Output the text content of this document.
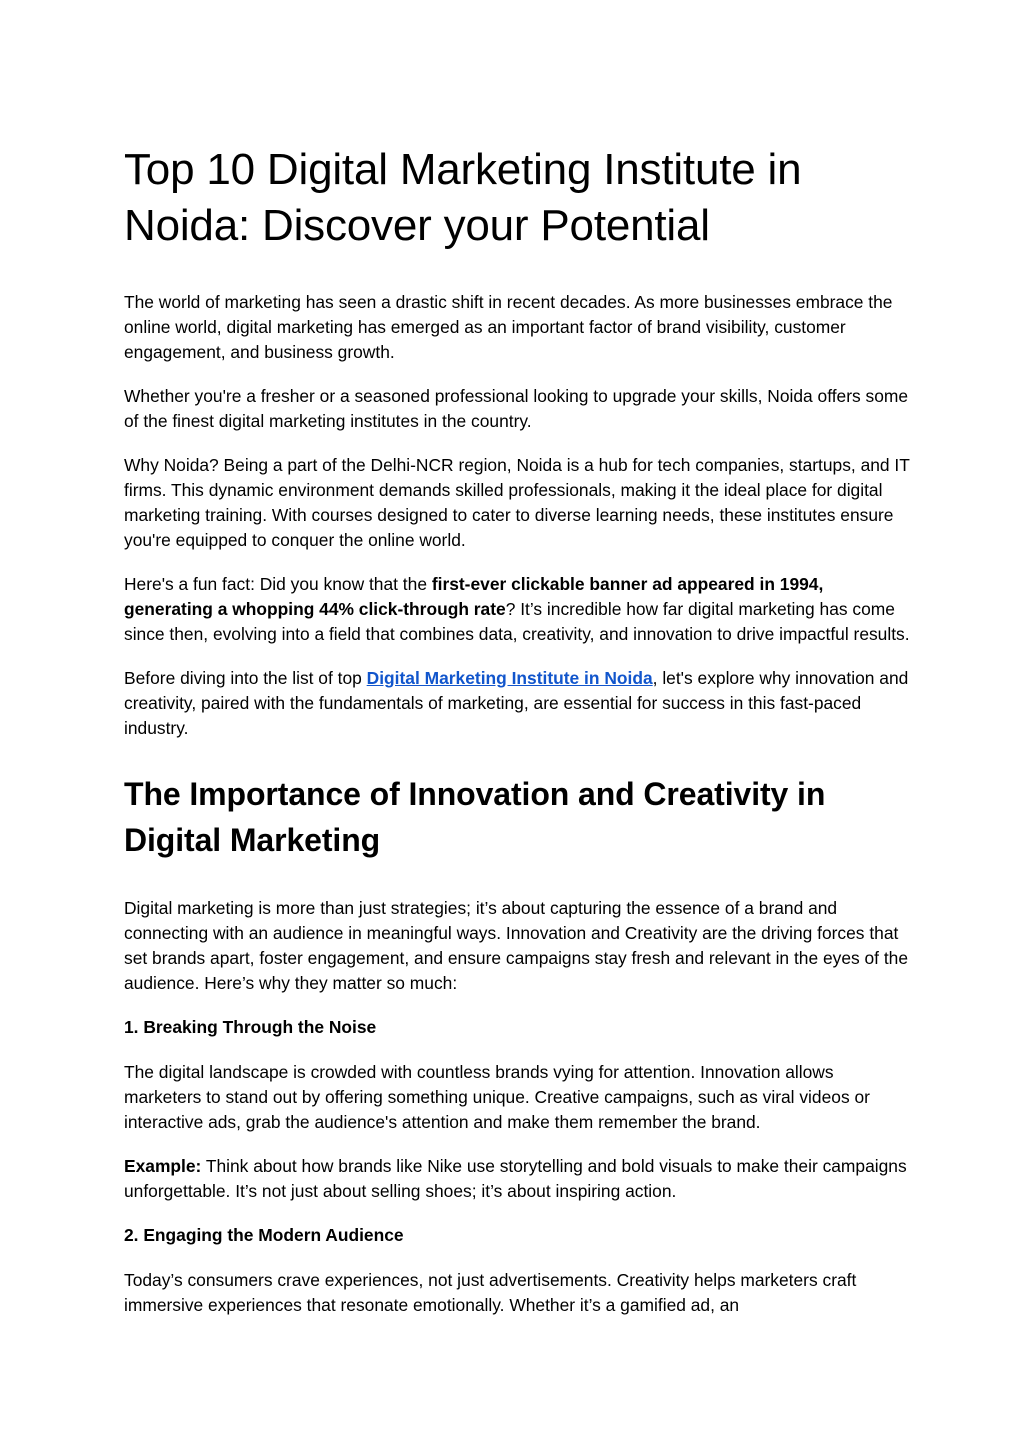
Top 10 Digital Marketing Institute in Noida: Discover your Potential

The world of marketing has seen a drastic shift in recent decades. As more businesses embrace the online world, digital marketing has emerged as an important factor of brand visibility, customer engagement, and business growth.

Whether you're a fresher or a seasoned professional looking to upgrade your skills, Noida offers some of the finest digital marketing institutes in the country.

Why Noida? Being a part of the Delhi-NCR region, Noida is a hub for tech companies, startups, and IT firms. This dynamic environment demands skilled professionals, making it the ideal place for digital marketing training. With courses designed to cater to diverse learning needs, these institutes ensure you're equipped to conquer the online world.

Here's a fun fact: Did you know that the first-ever clickable banner ad appeared in 1994, generating a whopping 44% click-through rate? It’s incredible how far digital marketing has come since then, evolving into a field that combines data, creativity, and innovation to drive impactful results.

Before diving into the list of top Digital Marketing Institute in Noida, let's explore why innovation and creativity, paired with the fundamentals of marketing, are essential for success in this fast-paced industry.

The Importance of Innovation and Creativity in Digital Marketing

Digital marketing is more than just strategies; it’s about capturing the essence of a brand and connecting with an audience in meaningful ways. Innovation and Creativity are the driving forces that set brands apart, foster engagement, and ensure campaigns stay fresh and relevant in the eyes of the audience. Here’s why they matter so much:

1. Breaking Through the Noise

The digital landscape is crowded with countless brands vying for attention. Innovation allows marketers to stand out by offering something unique. Creative campaigns, such as viral videos or interactive ads, grab the audience's attention and make them remember the brand.

Example: Think about how brands like Nike use storytelling and bold visuals to make their campaigns unforgettable. It’s not just about selling shoes; it’s about inspiring action.

2. Engaging the Modern Audience

Today’s consumers crave experiences, not just advertisements. Creativity helps marketers craft immersive experiences that resonate emotionally. Whether it’s a gamified ad, an
